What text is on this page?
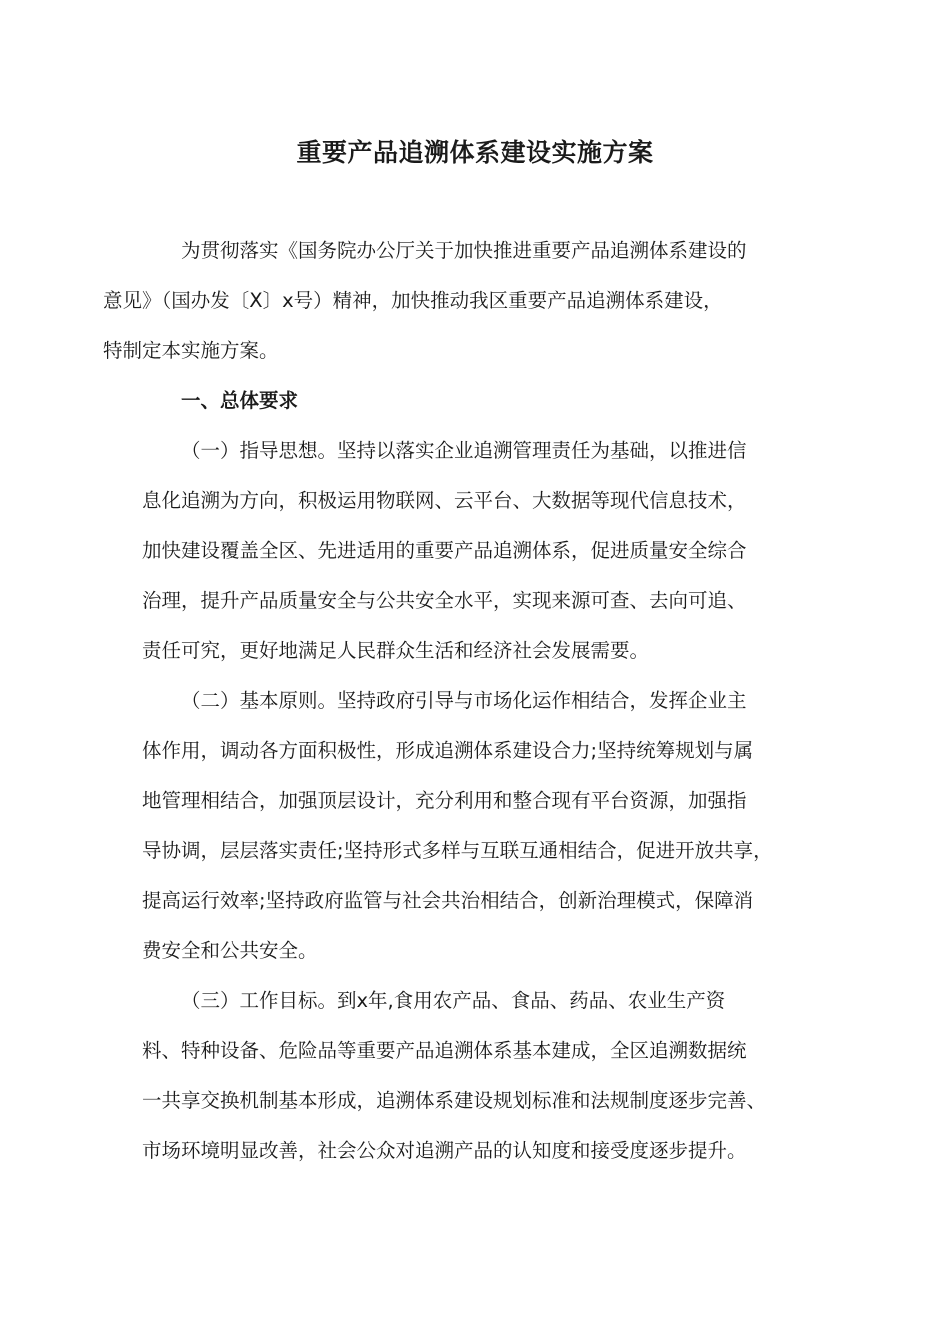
重要产品追溯体系建设实施方案

为贯彻落实《国务院办公厅关于加快推进重要产品追溯体系建设的
意见》（国办发〔X〕x号）精神，加快推动我区重要产品追溯体系建设，
特制定本实施方案。

一、总体要求

（一）指导思想。坚持以落实企业追溯管理责任为基础，以推进信
息化追溯为方向，积极运用物联网、云平台、大数据等现代信息技术，
加快建设覆盖全区、先进适用的重要产品追溯体系，促进质量安全综合
治理，提升产品质量安全与公共安全水平，实现来源可查、去向可追、
责任可究，更好地满足人民群众生活和经济社会发展需要。

（二）基本原则。坚持政府引导与市场化运作相结合，发挥企业主
体作用，调动各方面积极性，形成追溯体系建设合力;坚持统筹规划与属
地管理相结合，加强顶层设计，充分利用和整合现有平台资源，加强指
导协调，层层落实责任;坚持形式多样与互联互通相结合，促进开放共享，
提高运行效率;坚持政府监管与社会共治相结合，创新治理模式，保障消
费安全和公共安全。

（三）工作目标。到x年,食用农产品、食品、药品、农业生产资
料、特种设备、危险品等重要产品追溯体系基本建成，全区追溯数据统
一共享交换机制基本形成，追溯体系建设规划标准和法规制度逐步完善、
市场环境明显改善，社会公众对追溯产品的认知度和接受度逐步提升。
